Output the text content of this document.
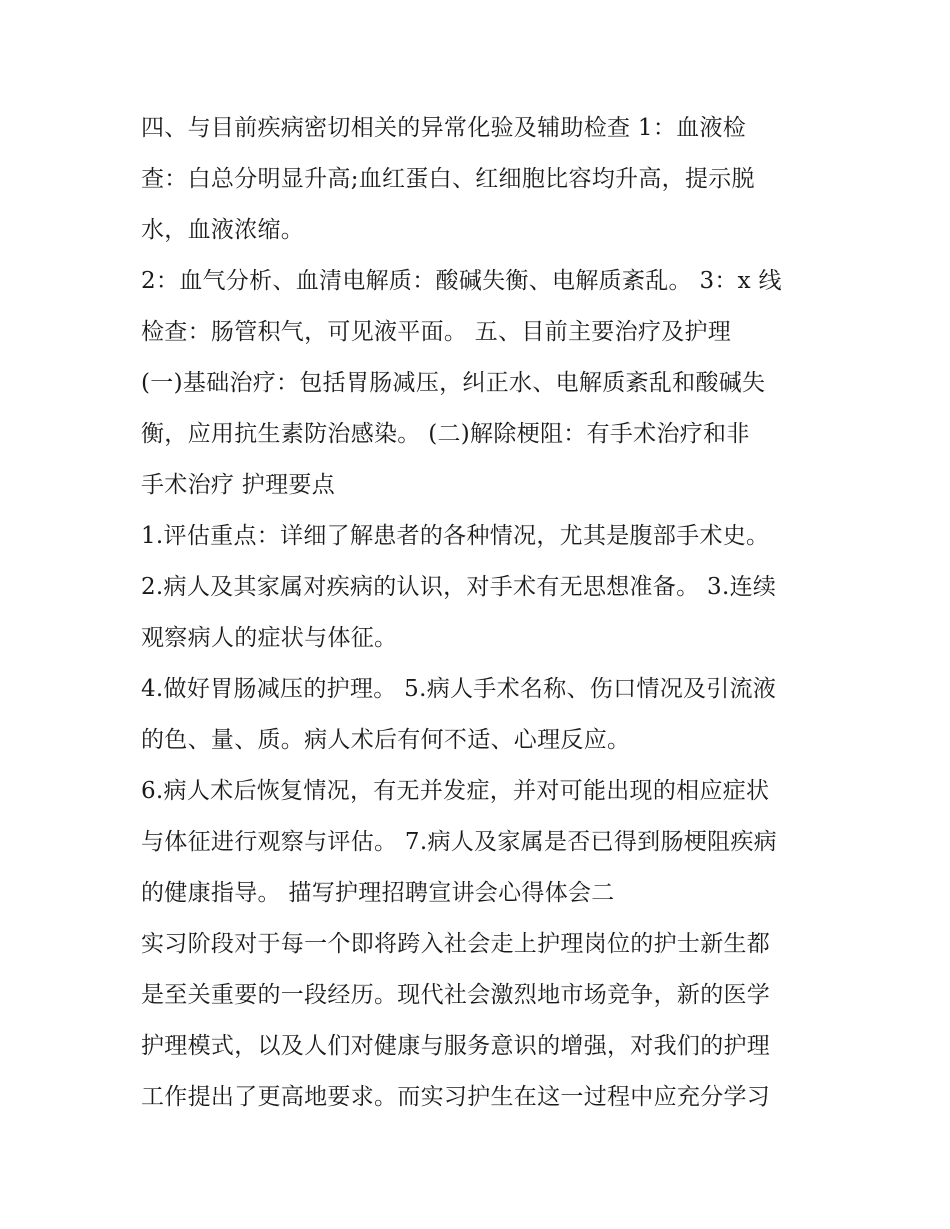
四、与目前疾病密切相关的异常化验及辅助检查 1：血液检
查：白总分明显升高;血红蛋白、红细胞比容均升高，提示脱
水，血液浓缩。
2：血气分析、血清电解质：酸碱失衡、电解质紊乱。 3：x 线
检查：肠管积气，可见液平面。 五、目前主要治疗及护理
(一)基础治疗：包括胃肠减压，纠正水、电解质紊乱和酸碱失
衡，应用抗生素防治感染。 (二)解除梗阻：有手术治疗和非
手术治疗 护理要点
1.评估重点：详细了解患者的各种情况，尤其是腹部手术史。
2.病人及其家属对疾病的认识，对手术有无思想准备。 3.连续
观察病人的症状与体征。
4.做好胃肠减压的护理。 5.病人手术名称、伤口情况及引流液
的色、量、质。病人术后有何不适、心理反应。
6.病人术后恢复情况，有无并发症，并对可能出现的相应症状
与体征进行观察与评估。 7.病人及家属是否已得到肠梗阻疾病
的健康指导。 描写护理招聘宣讲会心得体会二
实习阶段对于每一个即将跨入社会走上护理岗位的护士新生都
是至关重要的一段经历。现代社会激烈地市场竞争，新的医学
护理模式，以及人们对健康与服务意识的增强，对我们的护理
工作提出了更高地要求。而实习护生在这一过程中应充分学习
